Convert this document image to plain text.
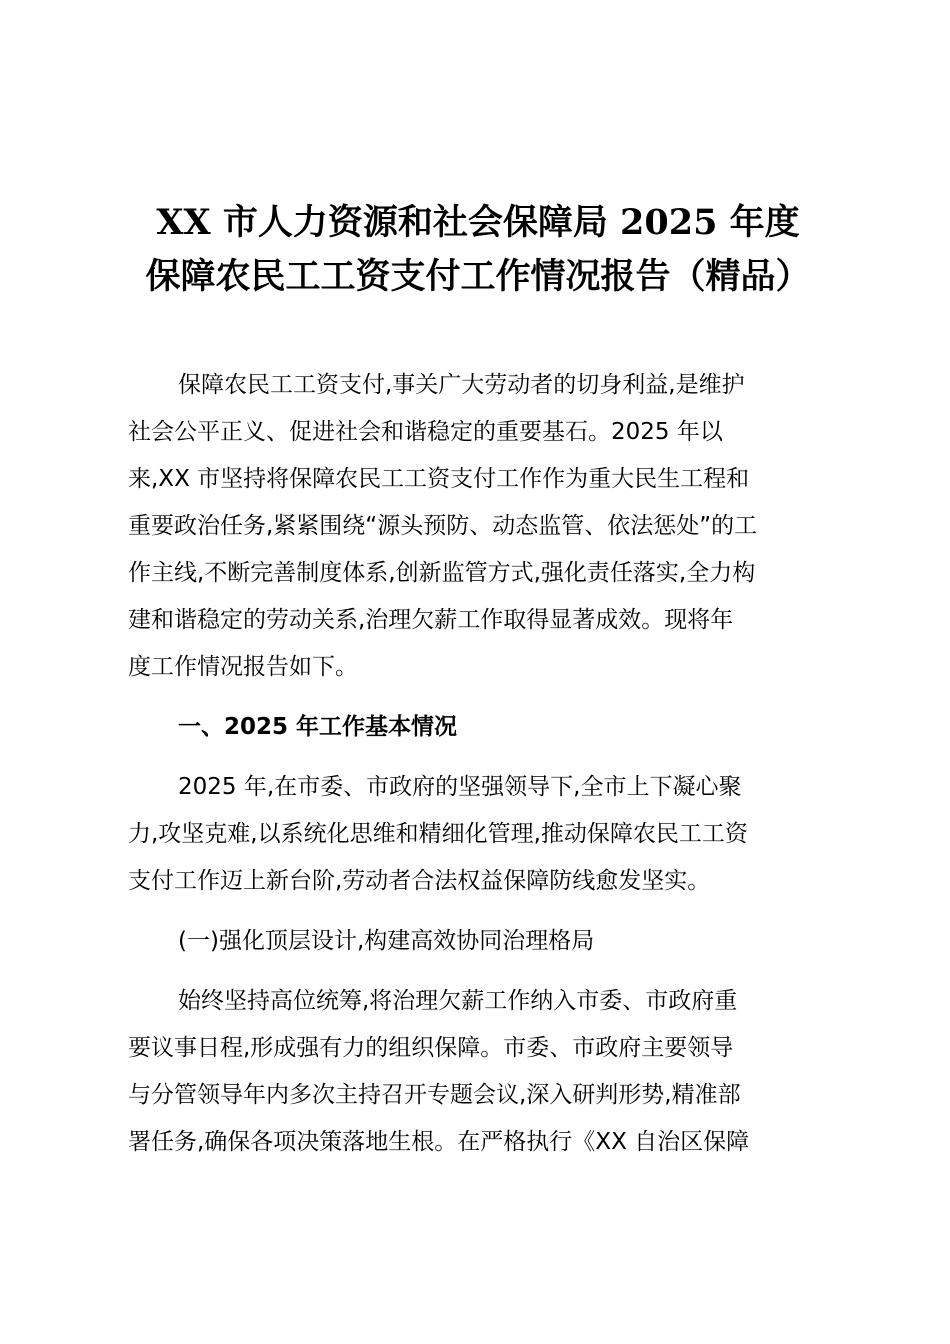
XX 市人力资源和社会保障局 2025 年度
保障农民工工资支付工作情况报告（精品）
保障农民工工资支付,事关广大劳动者的切身利益,是维护
社会公平正义、促进社会和谐稳定的重要基石。2025 年以
来,XX 市坚持将保障农民工工资支付工作作为重大民生工程和
重要政治任务,紧紧围绕“源头预防、动态监管、依法惩处”的工
作主线,不断完善制度体系,创新监管方式,强化责任落实,全力构
建和谐稳定的劳动关系,治理欠薪工作取得显著成效。现将年
度工作情况报告如下。
一、2025 年工作基本情况
2025 年,在市委、市政府的坚强领导下,全市上下凝心聚
力,攻坚克难,以系统化思维和精细化管理,推动保障农民工工资
支付工作迈上新台阶,劳动者合法权益保障防线愈发坚实。
(一)强化顶层设计,构建高效协同治理格局
始终坚持高位统筹,将治理欠薪工作纳入市委、市政府重
要议事日程,形成强有力的组织保障。市委、市政府主要领导
与分管领导年内多次主持召开专题会议,深入研判形势,精准部
署任务,确保各项决策落地生根。在严格执行《XX 自治区保障
